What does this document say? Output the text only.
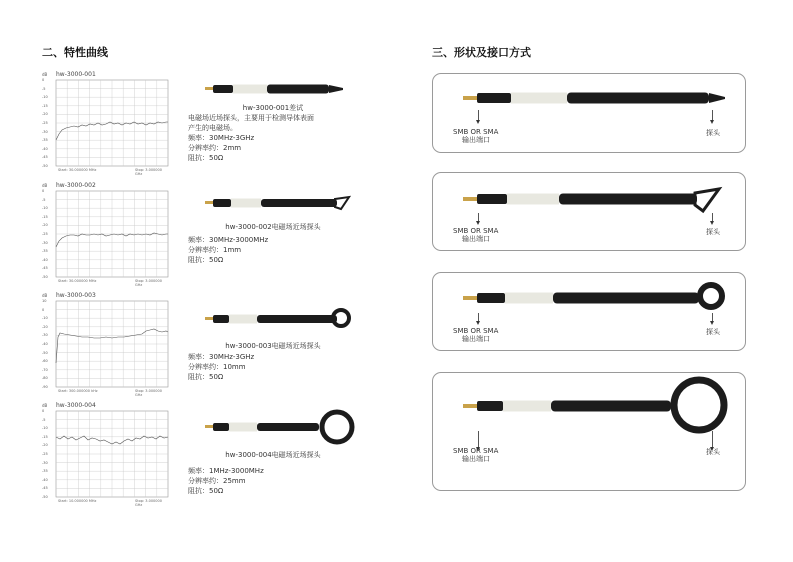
二、特性曲线
dB hw-3000-001
0
-5
-10
-15
-20
-25
-30
-35
-40
-45
-50
Start: 30.000000 MHz	Stop: 3.000000 GHz
dB hw-3000-002
0
-5
-10
-15
-20
-25
-30
-35
-40
-45
-50
Start: 30.000000 MHz	Stop: 3.000000 GHz
dB hw-3000-003
10
0
-10
-20
-30
-40
-50
-60
-70
-80
-90
Start: 300.000000 kHz	Stop: 3.000000 GHz
dB hw-3000-004
0
-5
-10
-15
-20
-25
-30
-35
-40
-45
-50
Start: 10.000000 MHz	Stop: 3.000000 GHz
hw-3000-001差试
电磁场近场探头，主要用于检测导体表面
产生的电磁场。
频率：30MHz-3GHz
分辨率约：2mm
阻抗：50Ω
hw-3000-002电磁场近场探头
频率：30MHz-3000MHz
分辨率约：1mm
阻抗：50Ω
hw-3000-003电磁场近场探头
频率：30MHz-3GHz
分辨率约：10mm
阻抗：50Ω
hw-3000-004电磁场近场探头
频率：1MHz-3000MHz
分辨率约：25mm
阻抗：50Ω
三、形状及接口方式
SMB OR SMA
输出端口
探头
SMB OR SMA
输出端口
探头
SMB OR SMA
输出端口
探头
SMB OR SMA
输出端口
探头
